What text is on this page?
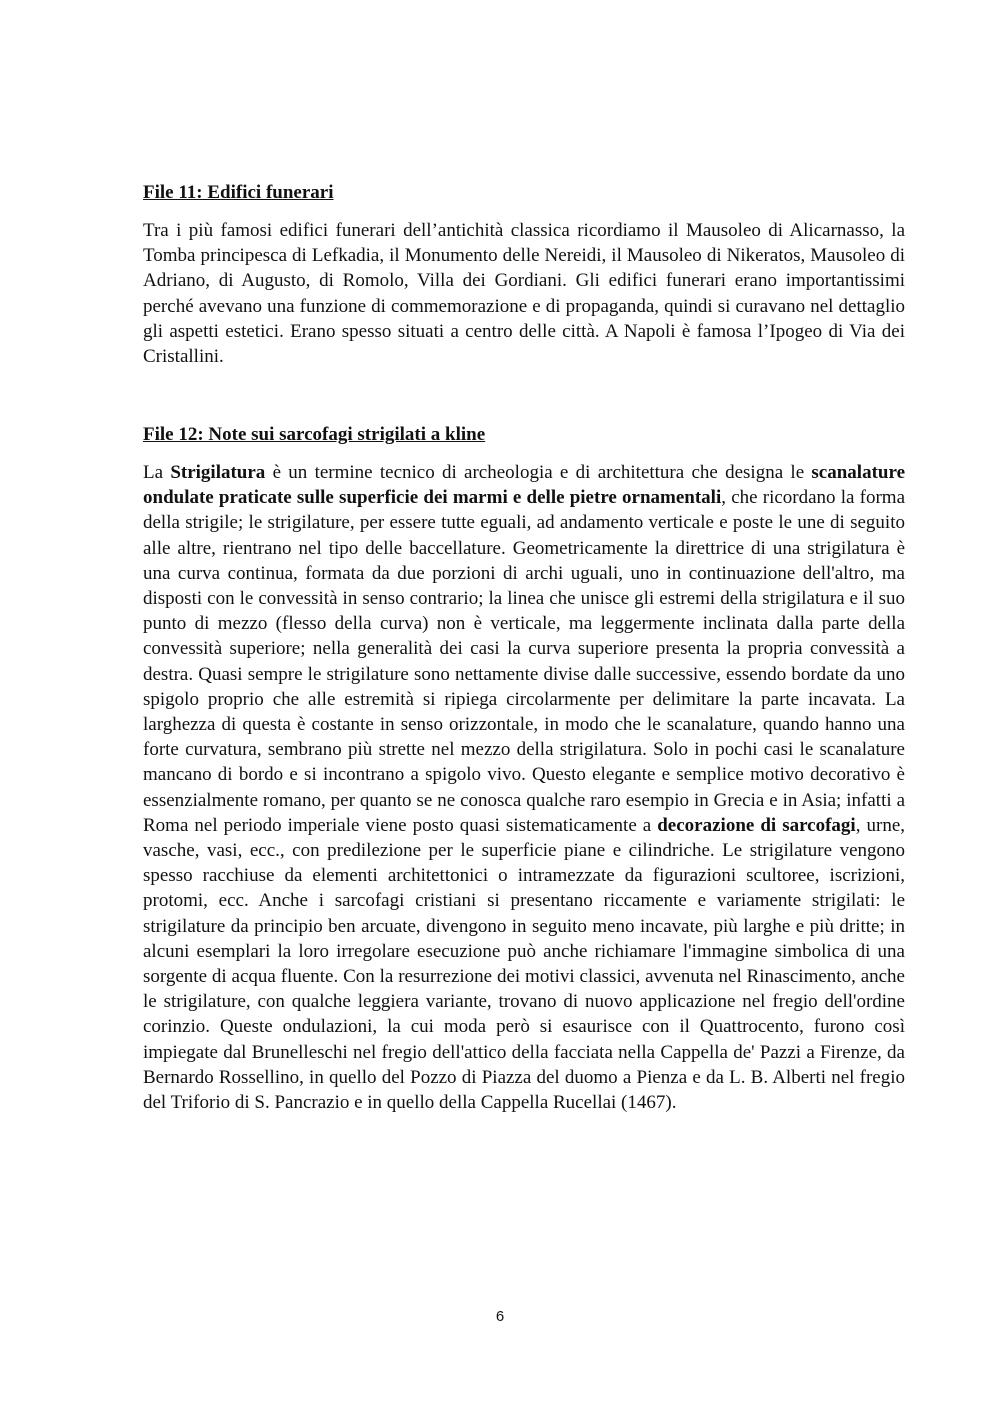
File 11: Edifici funerari

Tra i più famosi edifici funerari dell’antichità classica ricordiamo il Mausoleo di Alicarnasso, la Tomba principesca di Lefkadia, il Monumento delle Nereidi, il Mausoleo di Nikeratos, Mausoleo di Adriano, di Augusto, di Romolo, Villa dei Gordiani. Gli edifici funerari erano importantissimi perché avevano una funzione di commemorazione e di propaganda, quindi si curavano nel dettaglio gli aspetti estetici. Erano spesso situati a centro delle città. A Napoli è famosa l’Ipogeo di Via dei Cristallini.

File 12: Note sui sarcofagi strigilati a kline

La Strigilatura è un termine tecnico di archeologia e di architettura che designa le scanalature ondulate praticate sulle superficie dei marmi e delle pietre ornamentali, che ricordano la forma della strigile; le strigilature, per essere tutte eguali, ad andamento verticale e poste le une di seguito alle altre, rientrano nel tipo delle baccellature. Geometricamente la direttrice di una strigilatura è una curva continua, formata da due porzioni di archi uguali, uno in continuazione dell'altro, ma disposti con le convessità in senso contrario; la linea che unisce gli estremi della strigilatura e il suo punto di mezzo (flesso della curva) non è verticale, ma leggermente inclinata dalla parte della convessità superiore; nella generalità dei casi la curva superiore presenta la propria convessità a destra. Quasi sempre le strigilature sono nettamente divise dalle successive, essendo bordate da uno spigolo proprio che alle estremità si ripiega circolarmente per delimitare la parte incavata. La larghezza di questa è costante in senso orizzontale, in modo che le scanalature, quando hanno una forte curvatura, sembrano più strette nel mezzo della strigilatura. Solo in pochi casi le scanalature mancano di bordo e si incontrano a spigolo vivo. Questo elegante e semplice motivo decorativo è essenzialmente romano, per quanto se ne conosca qualche raro esempio in Grecia e in Asia; infatti a Roma nel periodo imperiale viene posto quasi sistematicamente a decorazione di sarcofagi, urne, vasche, vasi, ecc., con predilezione per le superficie piane e cilindriche. Le strigilature vengono spesso racchiuse da elementi architettonici o intramezzate da figurazioni scultoree, iscrizioni, protomi, ecc. Anche i sarcofagi cristiani si presentano riccamente e variamente strigilati: le strigilature da principio ben arcuate, divengono in seguito meno incavate, più larghe e più dritte; in alcuni esemplari la loro irregolare esecuzione può anche richiamare l'immagine simbolica di una sorgente di acqua fluente. Con la resurrezione dei motivi classici, avvenuta nel Rinascimento, anche le strigilature, con qualche leggiera variante, trovano di nuovo applicazione nel fregio dell'ordine corinzio. Queste ondulazioni, la cui moda però si esaurisce con il Quattrocento, furono così impiegate dal Brunelleschi nel fregio dell'attico della facciata nella Cappella de' Pazzi a Firenze, da Bernardo Rossellino, in quello del Pozzo di Piazza del duomo a Pienza e da L. B. Alberti nel fregio del Triforio di S. Pancrazio e in quello della Cappella Rucellai (1467).

6
